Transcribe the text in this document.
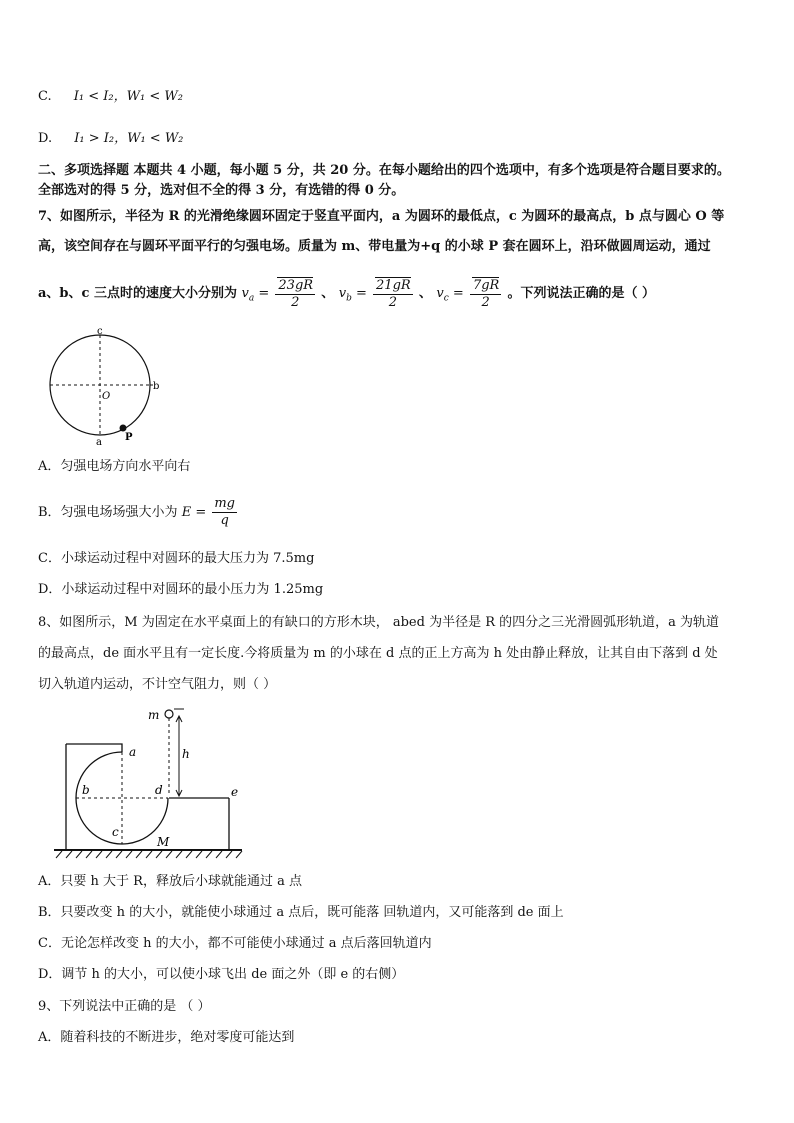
C. I₁ < I₂，W₁ < W₂
D. I₁ > I₂，W₁ < W₂
二、多项选择题 本题共 4 小题，每小题 5 分，共 20 分。在每小题给出的四个选项中，有多个选项是符合题目要求的。
全部选对的得 5 分，选对但不全的得 3 分，有选错的得 0 分。
7、如图所示，半径为 R 的光滑绝缘圆环固定于竖直平面内，a 为圆环的最低点，c 为圆环的最高点，b 点与圆心 O 等
高，该空间存在与圆环平面平行的匀强电场。质量为 m、带电量为+q 的小球 P 套在圆环上，沿环做圆周运动，通过
a、b、c 三点时的速度大小分别为 $v_a = \frac{23gR}{2}$ 、 $v_b = \frac{21gR}{2}$ 、 $v_c = \frac{7gR}{2}$ 。下列说法正确的是（ ）
c
b
O
a P
A．匀强电场方向水平向右
B．匀强电场场强大小为 $E = \frac{mg}{q}$
C．小球运动过程中对圆环的最大压力为 7.5mg
D．小球运动过程中对圆环的最小压力为 1.25mg
8、如图所示，M 为固定在水平桌面上的有缺口的方形木块， abed 为半径是 R 的四分之三光滑圆弧形轨道，a 为轨道
的最高点，de 面水平且有一定长度.今将质量为 m 的小球在 d 点的正上方高为 h 处由静止释放，让其自由下落到 d 处
切入轨道内运动，不计空气阻力，则（ ）
m
h
a
b	d	e
c
M
A．只要 h 大于 R，释放后小球就能通过 a 点
B．只要改变 h 的大小，就能使小球通过 a 点后，既可能落 回轨道内，又可能落到 de 面上
C．无论怎样改变 h 的大小，都不可能使小球通过 a 点后落回轨道内
D．调节 h 的大小，可以使小球飞出 de 面之外（即 e 的右侧）
9、下列说法中正确的是 （ ）
A．随着科技的不断进步，绝对零度可能达到
